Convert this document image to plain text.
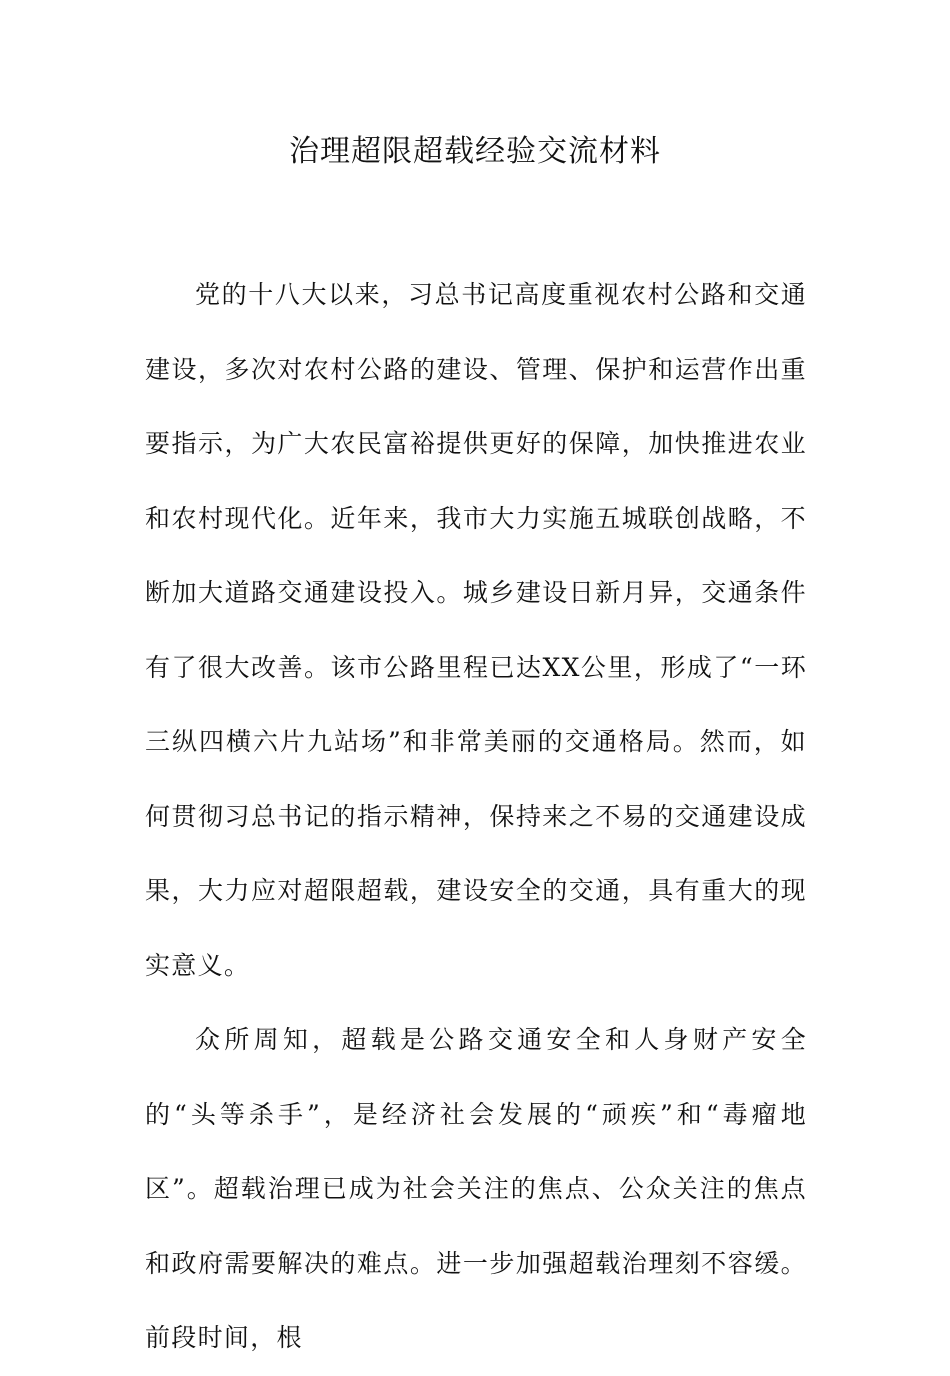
治理超限超载经验交流材料

党的十八大以来，习总书记高度重视农村公路和交通建设，多次对农村公路的建设、管理、保护和运营作出重要指示，为广大农民富裕提供更好的保障，加快推进农业和农村现代化。近年来，我市大力实施五城联创战略，不断加大道路交通建设投入。城乡建设日新月异，交通条件有了很大改善。该市公路里程已达XX公里，形成了“一环三纵四横六片九站场”和非常美丽的交通格局。然而，如何贯彻习总书记的指示精神，保持来之不易的交通建设成果，大力应对超限超载，建设安全的交通，具有重大的现实意义。

众所周知，超载是公路交通安全和人身财产安全的“头等杀手”，是经济社会发展的“顽疾”和“毒瘤地区”。超载治理已成为社会关注的焦点、公众关注的焦点和政府需要解决的难点。进一步加强超载治理刻不容缓。前段时间，根
